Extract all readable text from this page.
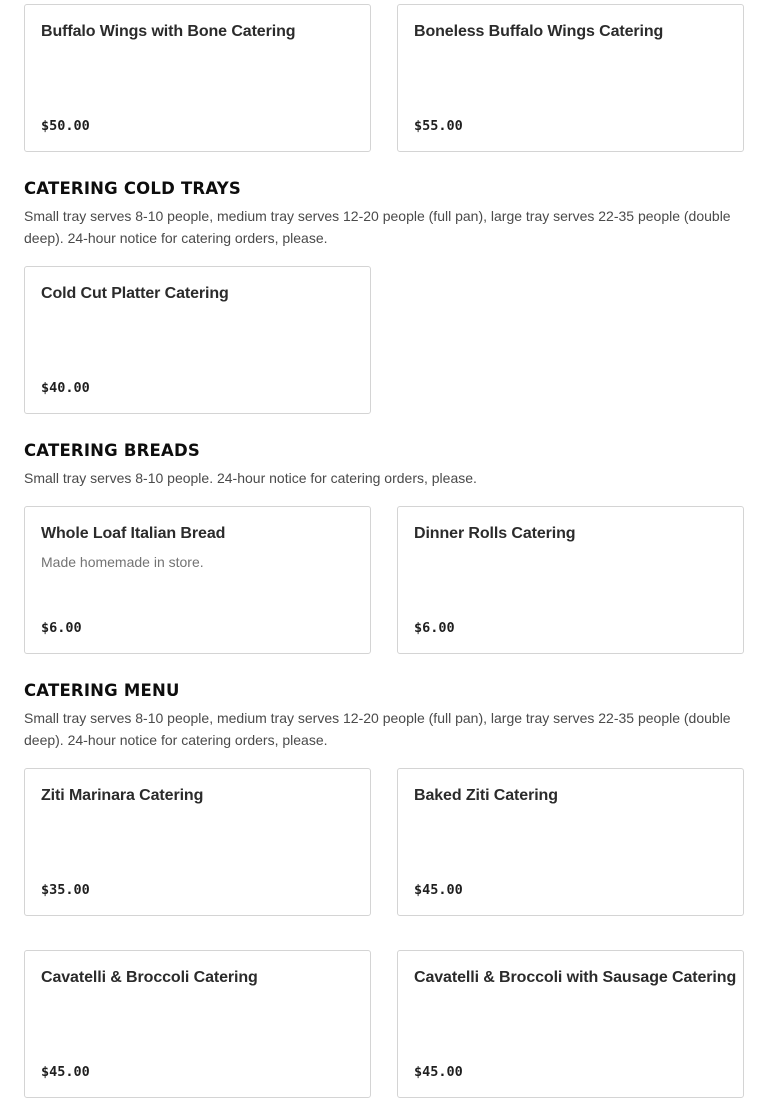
Buffalo Wings with Bone Catering
$50.00
Boneless Buffalo Wings Catering
$55.00
CATERING COLD TRAYS

Small tray serves 8-10 people, medium tray serves 12-20 people (full pan), large tray serves 22-35 people (double deep). 24-hour notice for catering orders, please.

Cold Cut Platter Catering
$40.00
CATERING BREADS

Small tray serves 8-10 people. 24-hour notice for catering orders, please.

Whole Loaf Italian Bread
Made homemade in store.
$6.00
Dinner Rolls Catering
$6.00
CATERING MENU

Small tray serves 8-10 people, medium tray serves 12-20 people (full pan), large tray serves 22-35 people (double deep). 24-hour notice for catering orders, please.

Ziti Marinara Catering
$35.00
Baked Ziti Catering
$45.00
Cavatelli & Broccoli Catering
$45.00
Cavatelli & Broccoli with Sausage Catering
$45.00
